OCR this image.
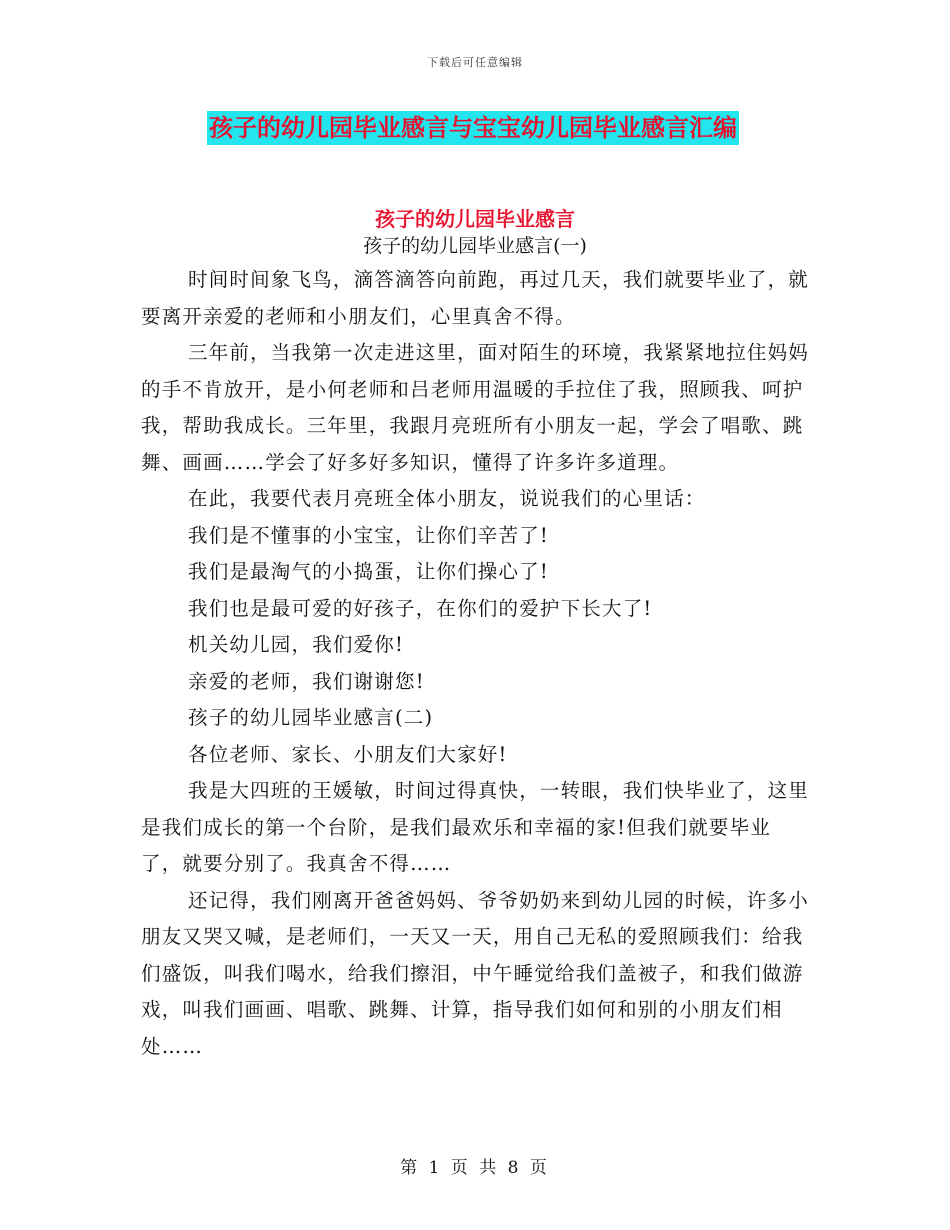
下载后可任意编辑
孩子的幼儿园毕业感言与宝宝幼儿园毕业感言汇编
孩子的幼儿园毕业感言
孩子的幼儿园毕业感言(一)

时间时间象飞鸟，滴答滴答向前跑，再过几天，我们就要毕业了，就要离开亲爱的老师和小朋友们，心里真舍不得。

三年前，当我第一次走进这里，面对陌生的环境，我紧紧地拉住妈妈的手不肯放开，是小何老师和吕老师用温暖的手拉住了我，照顾我、呵护我，帮助我成长。三年里，我跟月亮班所有小朋友一起，学会了唱歌、跳舞、画画……学会了好多好多知识，懂得了许多许多道理。

在此，我要代表月亮班全体小朋友，说说我们的心里话：

我们是不懂事的小宝宝，让你们辛苦了!

我们是最淘气的小捣蛋，让你们操心了!

我们也是最可爱的好孩子，在你们的爱护下长大了!

机关幼儿园，我们爱你!

亲爱的老师，我们谢谢您!

孩子的幼儿园毕业感言(二)

各位老师、家长、小朋友们大家好!

我是大四班的王媛敏，时间过得真快，一转眼，我们快毕业了，这里是我们成长的第一个台阶，是我们最欢乐和幸福的家!但我们就要毕业了，就要分别了。我真舍不得……

还记得，我们刚离开爸爸妈妈、爷爷奶奶来到幼儿园的时候，许多小朋友又哭又喊，是老师们，一天又一天，用自己无私的爱照顾我们：给我们盛饭，叫我们喝水，给我们擦泪，中午睡觉给我们盖被子，和我们做游戏，叫我们画画、唱歌、跳舞、计算，指导我们如何和别的小朋友们相处……

第 1 页 共 8 页
